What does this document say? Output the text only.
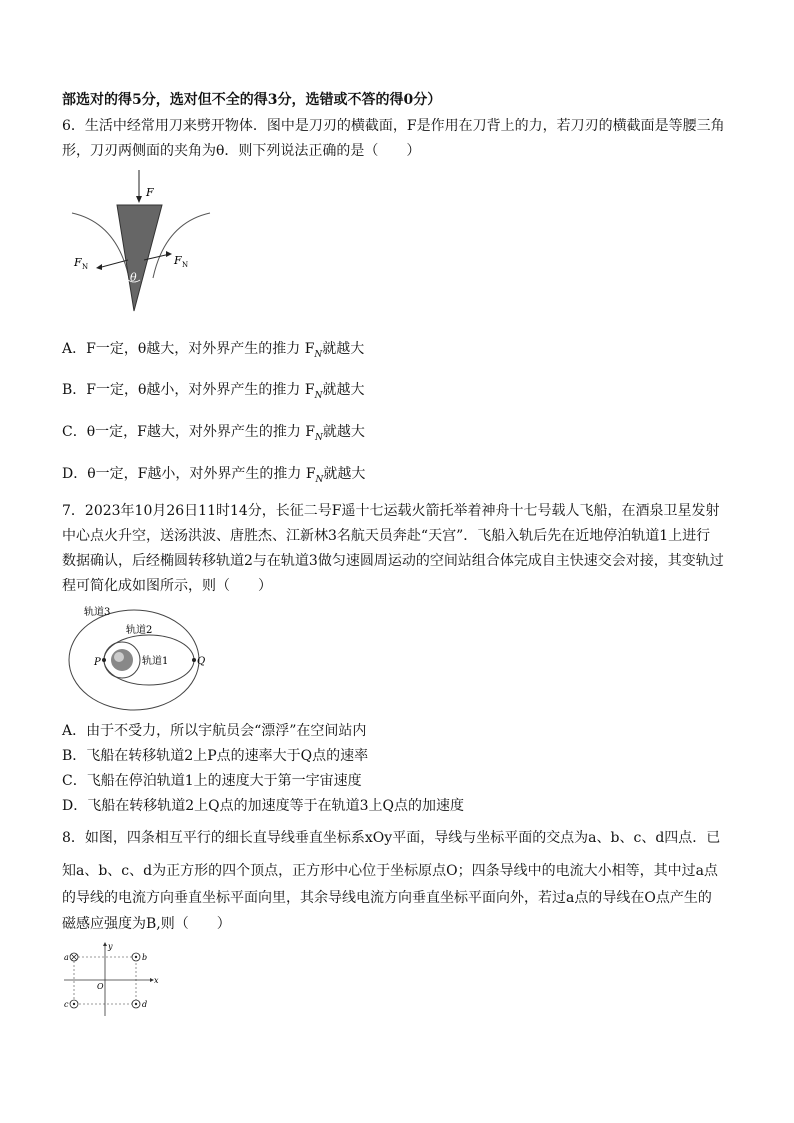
部选对的得5分，选对但不全的得3分，选错或不答的得0分）
6．生活中经常用刀来劈开物体．图中是刀刃的横截面，F是作用在刀背上的力，若刀刃的横截面是等腰三角
形，刀刃两侧面的夹角为θ．则下列说法正确的是（　　）
F
F N	F N
θ
A．F一定，θ越大，对外界产生的推力 $F_N$就越大
B．F一定，θ越小，对外界产生的推力 $F_N$就越大
C．θ一定，F越大，对外界产生的推力 $F_N$就越大
D．θ一定，F越小，对外界产生的推力 $F_N$就越大
7．2023年10月26日11时14分，长征二号F遥十七运载火箭托举着神舟十七号载人飞船，在酒泉卫星发射
中心点火升空，送汤洪波、唐胜杰、江新林3名航天员奔赴“天宫”．飞船入轨后先在近地停泊轨道1上进行
数据确认，后经椭圆转移轨道2与在轨道3做匀速圆周运动的空间站组合体完成自主快速交会对接，其变轨过
程可简化成如图所示，则（　　）
轨道3
轨道2
轨道1
P	Q
A．由于不受力，所以宇航员会“漂浮”在空间站内
B．飞船在转移轨道2上P点的速率大于Q点的速率
C．飞船在停泊轨道1上的速度大于第一宇宙速度
D．飞船在转移轨道2上Q点的加速度等于在轨道3上Q点的加速度
8．如图，四条相互平行的细长直导线垂直坐标系xOy平面，导线与坐标平面的交点为a、b、c、d四点．已
知a、b、c、d为正方形的四个顶点，正方形中心位于坐标原点O；四条导线中的电流大小相等，其中过a点
的导线的电流方向垂直坐标平面向里，其余导线电流方向垂直坐标平面向外，若过a点的导线在O点产生的
磁感应强度为B,则（　　）
x
y
O
a	b
c	d
